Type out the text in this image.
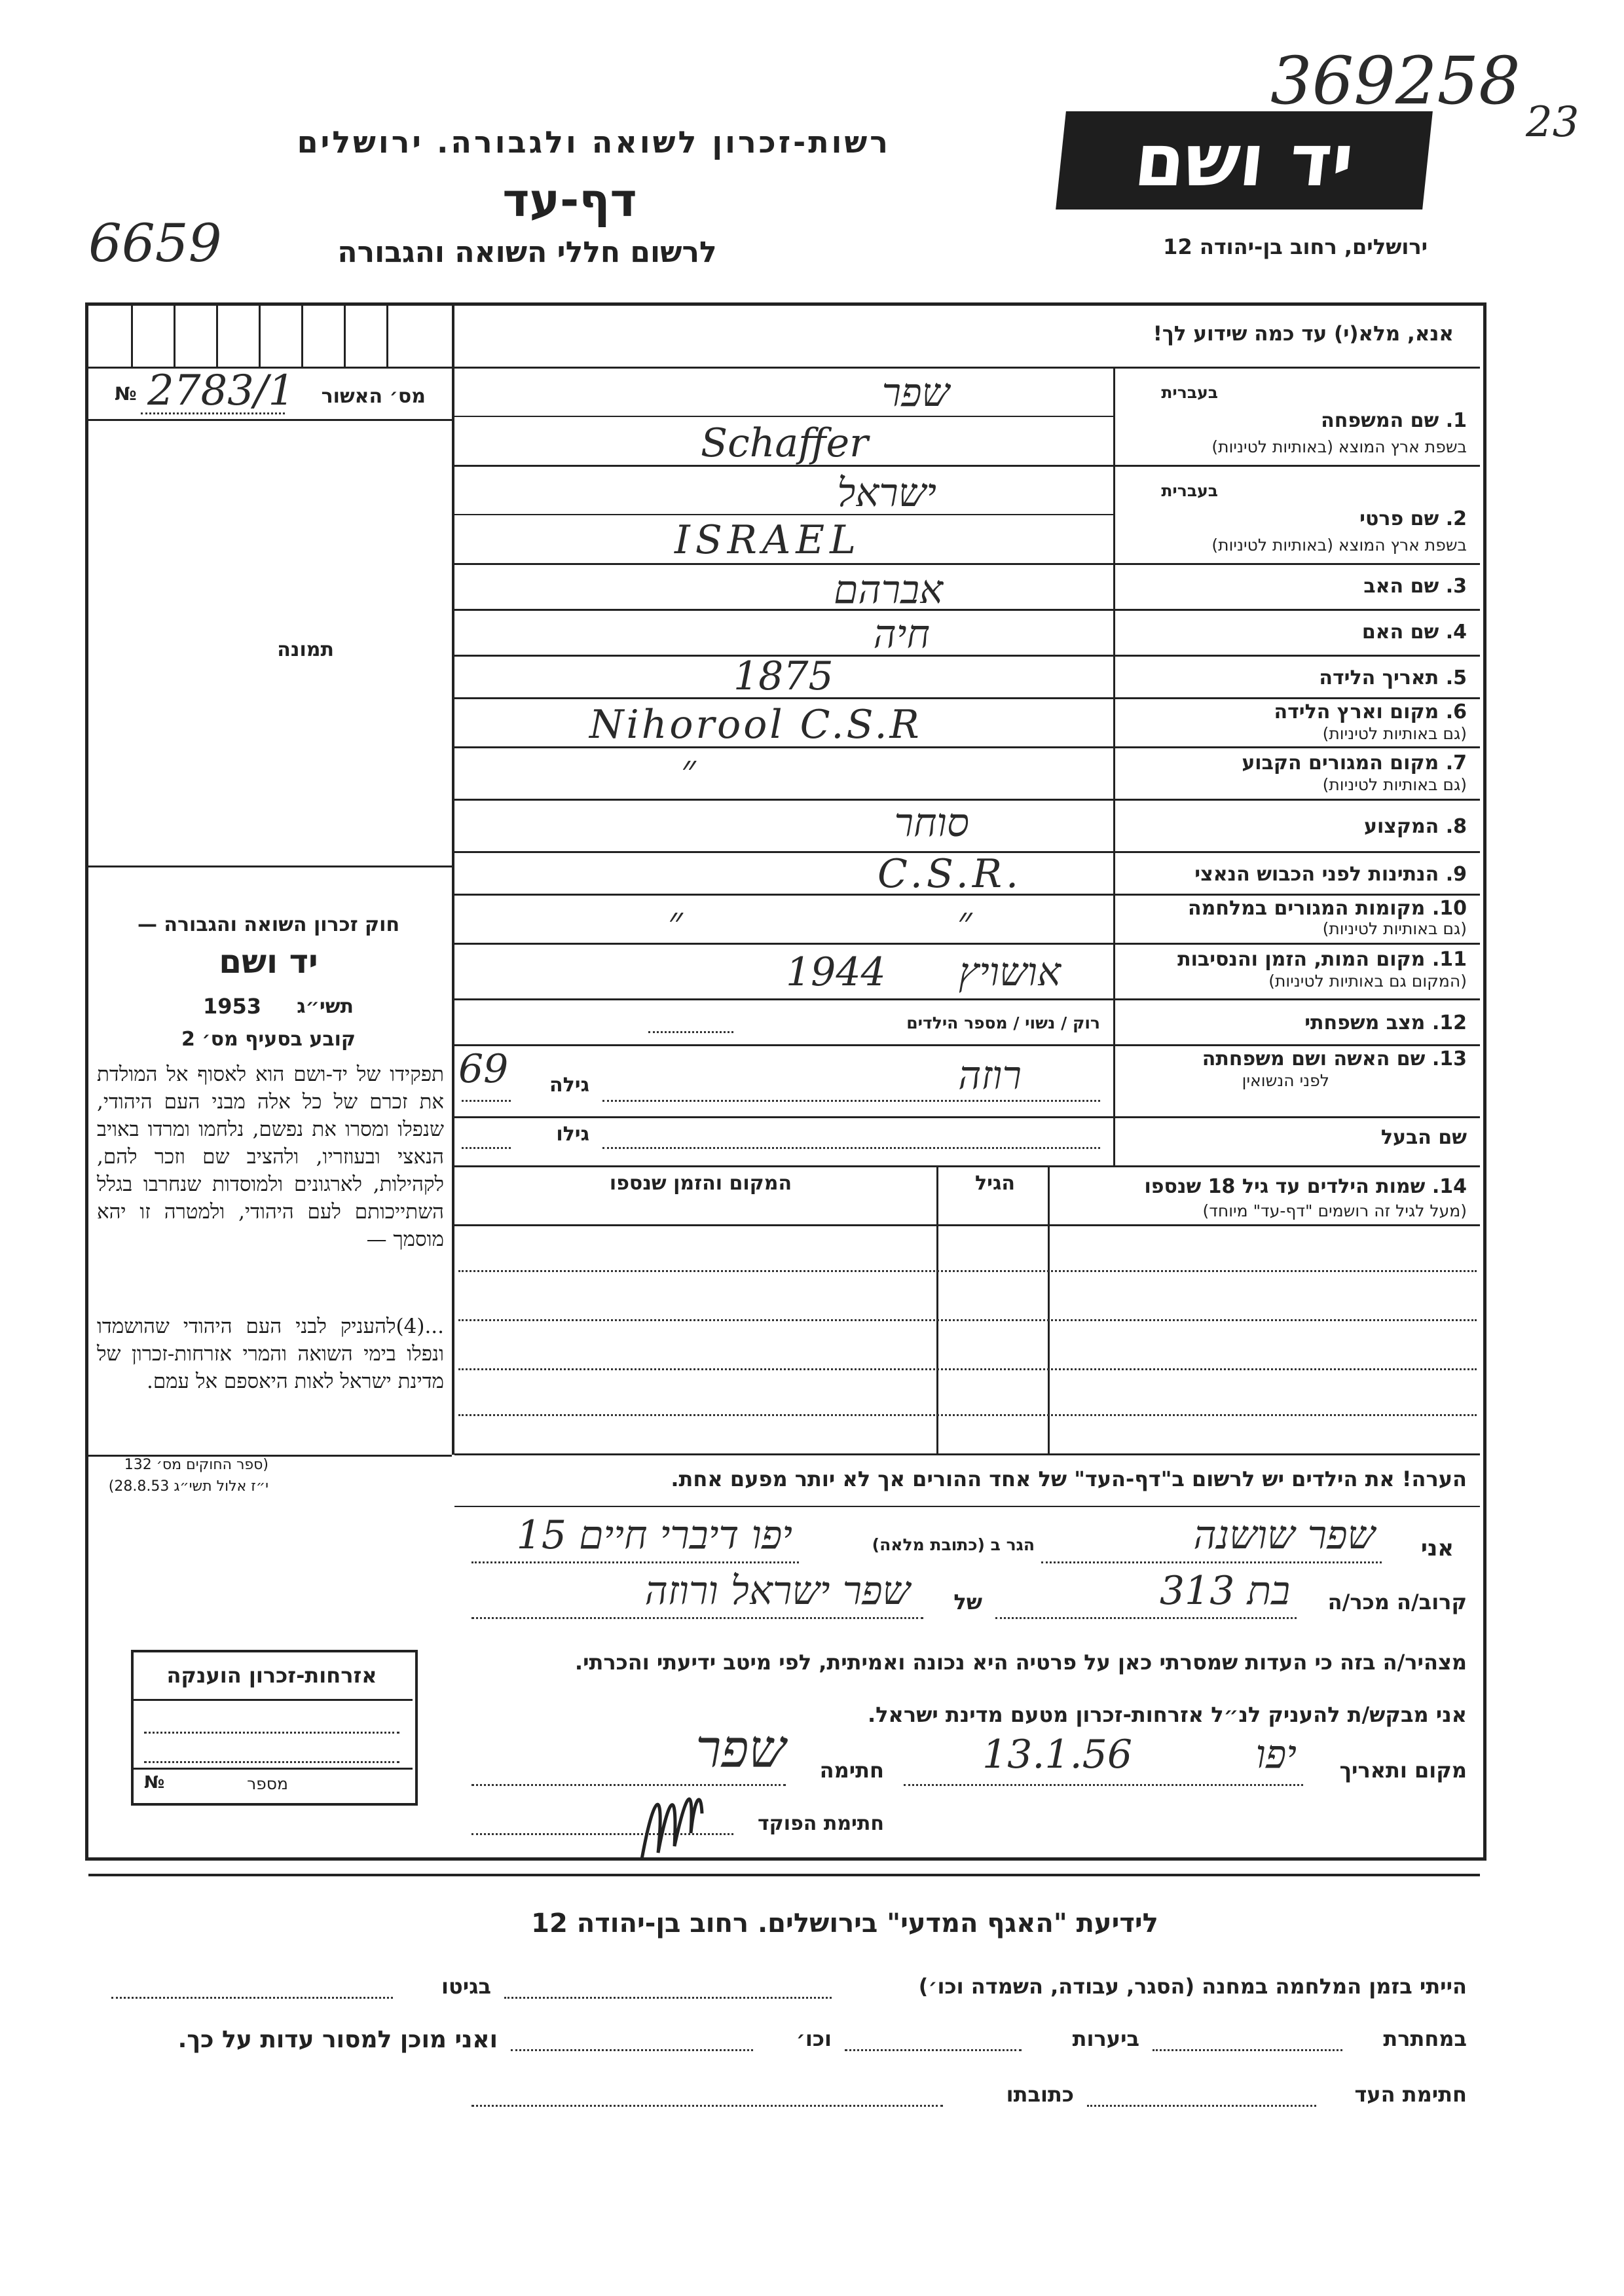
רשות-זכרון לשואה ולגבורה. ירושלים
דף-עד
לרשום חללי השואה והגבורה
יד ושם
ירושלים, רחוב בן-יהודה 12
369258
23
6659
מס׳ האשור
№ 2783/1
תמונה
חוק זכרון השואה והגבורה —
יד ושם
תשי״ג
1953
קובע בסעיף מס׳ 2
תפקידו של יד-ושם הוא לאסוף אל המולדת את זכרם של כל אלה מבני העם היהודי, שנפלו ומסרו את נפשם, נלחמו ומרדו באויב הנאצי ובעוזריו, ולהציב שם וזכר להם, לקהילות, לארגונים ולמוסדות שנחרבו בגלל השתייכותם לעם היהודי, ולמטרה זו יהא מוסמך —
...(4)להעניק לבני העם היהודי שהושמדו ונפלו בימי השואה והמרי אזרחות-זכרון של מדינת ישראל לאות היאספם אל עמם.
(ספר החוקים מס׳ 132
י״ז אלול תשי״ג 28.8.53)
אנא, מלא(י) עד כמה שידוע לך!
בעברית
1. שם המשפחה
בשפת ארץ המוצא (באותיות לטיניות)
שפר
Schaffer
בעברית
2. שם פרטי
בשפת ארץ המוצא (באותיות לטיניות)
ישראל
ISRAEL
3. שם האב
אברהם
4. שם האם
חיה
5. תאריך הלידה
1875
6. מקום וארץ הלידה
(גם באותיות לטיניות)
Nihorool C.S.R
7. מקום המגורים הקבוע
(גם באותיות לטיניות)
״
8. המקצוע
סוחר
9. הנתינות לפני הכבוש הנאצי
C.S.R.
10. מקומות המגורים במלחמה
(גם באותיות לטיניות)
״ ״
11. מקום המות, הזמן והנסיבות
(המקום גם באותיות לטיניות)
1944	אושויץ
12. מצב משפחתי
רוק / נשוי / מספר הילדים
13. שם האשה ושם משפחתה
לפני הנשואין
רוזה
גילה
69
שם הבעל
גילו
14. שמות הילדים עד גיל 18 שנספו
(מעל לגיל זה רושמים "דף-עד" מיוחד)
הגיל
המקום והזמן שנספו
הערה! את הילדים יש לרשום ב"דף-העד" של אחד ההורים אך לא יותר מפעם אחת.
אני
שפר שושנה
הגר ב (כתובת מלאה)
יפו דיברי חיים 15
קרוב/ה מכר/ה
בת 313
של
שפר ישראל ורוזה
מצהיר/ה בזה כי העדות שמסרתי כאן על פרטיה היא נכונה ואמיתית, לפי מיטב ידיעתי והכרתי.
אני מבקש/ת להעניק לנ״ל אזרחות-זכרון מטעם מדינת ישראל.
מקום ותאריך
יפו
13.1.56
חתימה
שפר
חתימת הפוקד
אזרחות-זכרון הוענקה
מספר
№
לידיעת "האגף המדעי" בירושלים. רחוב בן-יהודה 12
הייתי בזמן המלחמה במחנה (הסגר, עבודה, השמדה וכו׳)
בגיטו
במחתרת
ביערות
וכו׳
ואני מוכן למסור עדות על כך.
חתימת העד
כתובתו
